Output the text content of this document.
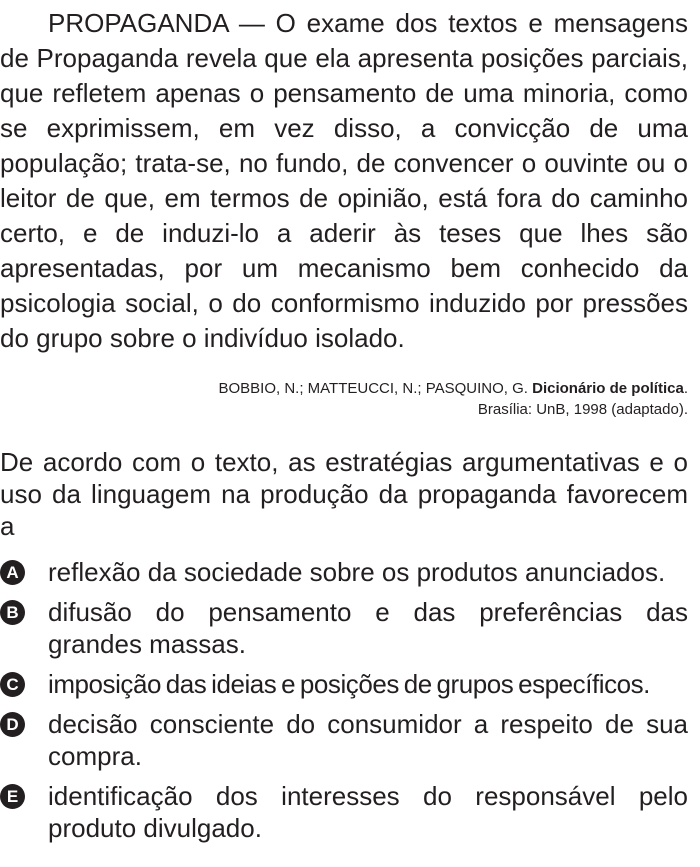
PROPAGANDA — O exame dos textos e mensagens de Propaganda revela que ela apresenta posições parciais, que refletem apenas o pensamento de uma minoria, como se exprimissem, em vez disso, a convicção de uma população; trata-se, no fundo, de convencer o ouvinte ou o leitor de que, em termos de opinião, está fora do caminho certo, e de induzi-lo a aderir às teses que lhes são apresentadas, por um mecanismo bem conhecido da psicologia social, o do conformismo induzido por pressões do grupo sobre o indivíduo isolado.

BOBBIO, N.; MATTEUCCI, N.; PASQUINO, G. Dicionário de política.
Brasília: UnB, 1998 (adaptado).

De acordo com o texto, as estratégias argumentativas e o uso da linguagem na produção da propaganda favorecem a

A reflexão da sociedade sobre os produtos anunciados.
B difusão do pensamento e das preferências das grandes massas.
C imposição das ideias e posições de grupos específicos.
D decisão consciente do consumidor a respeito de sua compra.
E identificação dos interesses do responsável pelo produto divulgado.
